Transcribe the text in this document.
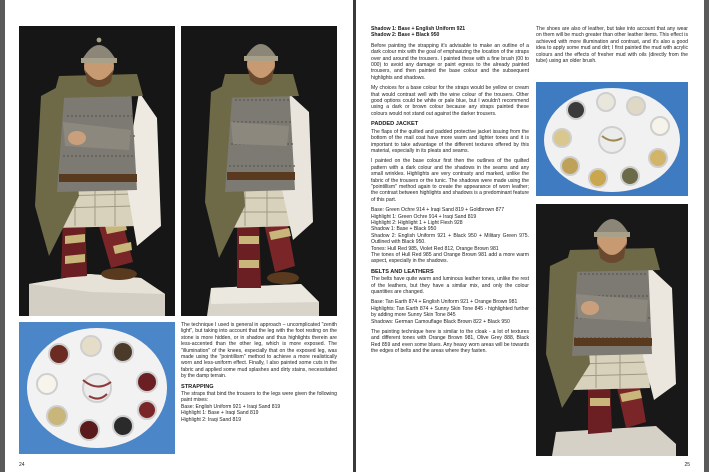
The technique I used is general in approach – uncomplicated "zenith light", but taking into account that the leg with the foot resting on the stone is more hidden, or in shadow and thus highlights therein are less-accented than the other leg, which is more exposed. The "illumination" of the knees, especially that on the exposed leg, was made using the "pointillism" method to achieve a more realistically worn and less-uniform effect. Finally, I also painted some cuts in the fabric and applied some mud splashes and dirty stains, necessitated by the damp terrain.

STRAPPING

The straps that bind the trousers to the legs were given the following paint mixes:

Base: English Uniform 921 + Iraqi Sand 819
Highlight 1: Base + Iraqi Sand 819
Highlight 2: Iraqi Sand 819
24
Shadow 1: Base + English Uniform 921

Shadow 2: Base + Black 950

Before painting the strapping it's advisable to make an outline of a dark colour mix with the goal of emphasizing the location of the straps over and around the trousers. I painted these with a fine brush (00 to 000) to avoid any damage or paint egress to the already painted trousers, and then painted the base colour and the subsequent highlights and shadows.

My choices for a base colour for the straps would be yellow or cream that would contrast well with the wine colour of the trousers. Other good options could be white or pale blue, but I wouldn't recommend using a dark or brown colour because any straps painted these colours would not stand out against the darker trousers.

PADDED JACKET

The flaps of the quilted and padded protective jacket issuing from the bottom of the mail coat have more warm and lighter tones and it is important to take advantage of the different textures offered by this material, especially in its pleats and seams.

I painted on the base colour first then the outlines of the quilted pattern with a dark colour and the shadows in the seams and any small wrinkles. Highlights are very contrasty and marked, unlike the fabric of the trousers or the tunic. The shadows were made using the "pointillism" method again to create the appearance of worn leather; the contrast between highlights and shadows is a predominant feature of this part.

Base: Green Ochre 914 + Iraqi Sand 819 + Goldbrown 877
Highlight 1: Green Ochre 914 + Iraqi Sand 819
Highlight 2: Highlight 1 + Light Flesh 928
Shadow 1: Base + Black 950
Shadow 2: English Uniform 921 + Black 950 + Military Green 975. Outlined with Black 950.
Tones: Hull Red 985, Violet Red 812, Orange Brown 981

The tones of Hull Red 985 and Orange Brown 981 add a more warm aspect, especially in the shadows.

BELTS AND LEATHERS

The belts have quite warm and luminous leather tones, unlike the rest of the leathers, but they have a similar mix, and only the colour quantities are changed.

Base: Tan Earth 874 + English Uniform 921 + Orange Brown 981
Highlights: Tan Earth 874 + Sunny Skin Tone 845 - highlighted further by adding more Sunny Skin Tone 845

Shadows: German Camouflage Black Brown 822 + Black 950

The painting technique here is similar to the cloak - a lot of textures and different tones with Orange Brown 981, Olive Grey 888, Black Red 859 and even some blues. Any heavy worn areas will be towards the edges of belts and the areas where they fasten.

The shoes are also of leather, but take into account that any wear on them will be much greater than other leather items. This effect is achieved with more illumination and contrast, and it's also a good idea to apply some mud and dirt; I first painted the mud with acrylic colours and the effects of fresher mud with oils (directly from the tube) using an older brush.

25
